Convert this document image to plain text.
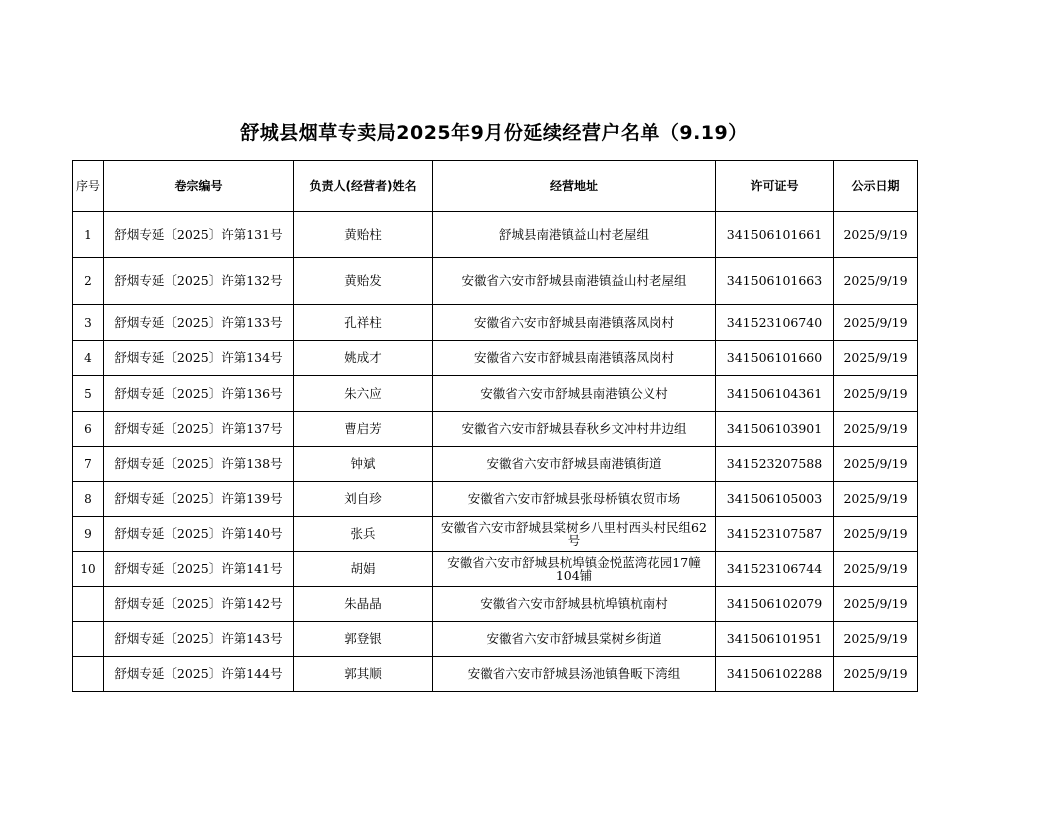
舒城县烟草专卖局2025年9月份延续经营户名单（9.19）
序号	卷宗编号	负责人(经营者)姓名	经营地址	许可证号	公示日期
1	舒烟专延〔2025〕许第131号	黄贻柱	舒城县南港镇益山村老屋组	341506101661	2025/9/19
2	舒烟专延〔2025〕许第132号	黄贻发	安徽省六安市舒城县南港镇益山村老屋组	341506101663	2025/9/19
3	舒烟专延〔2025〕许第133号	孔祥柱	安徽省六安市舒城县南港镇落凤岗村	341523106740	2025/9/19
4	舒烟专延〔2025〕许第134号	姚成才	安徽省六安市舒城县南港镇落凤岗村	341506101660	2025/9/19
5	舒烟专延〔2025〕许第136号	朱六应	安徽省六安市舒城县南港镇公义村	341506104361	2025/9/19
6	舒烟专延〔2025〕许第137号	曹启芳	安徽省六安市舒城县春秋乡文冲村井边组	341506103901	2025/9/19
7	舒烟专延〔2025〕许第138号	钟斌	安徽省六安市舒城县南港镇街道	341523207588	2025/9/19
8	舒烟专延〔2025〕许第139号	刘自珍	安徽省六安市舒城县张母桥镇农贸市场	341506105003	2025/9/19
9	舒烟专延〔2025〕许第140号	张兵	安徽省六安市舒城县棠树乡八里村西头村民组62号	341523107587	2025/9/19
10	舒烟专延〔2025〕许第141号	胡娟	安徽省六安市舒城县杭埠镇金悦蓝湾花园17幢104铺	341523106744	2025/9/19
	舒烟专延〔2025〕许第142号	朱晶晶	安徽省六安市舒城县杭埠镇杭南村	341506102079	2025/9/19
	舒烟专延〔2025〕许第143号	郭登银	安徽省六安市舒城县棠树乡街道	341506101951	2025/9/19
	舒烟专延〔2025〕许第144号	郭其顺	安徽省六安市舒城县汤池镇鲁畈下湾组	341506102288	2025/9/19
